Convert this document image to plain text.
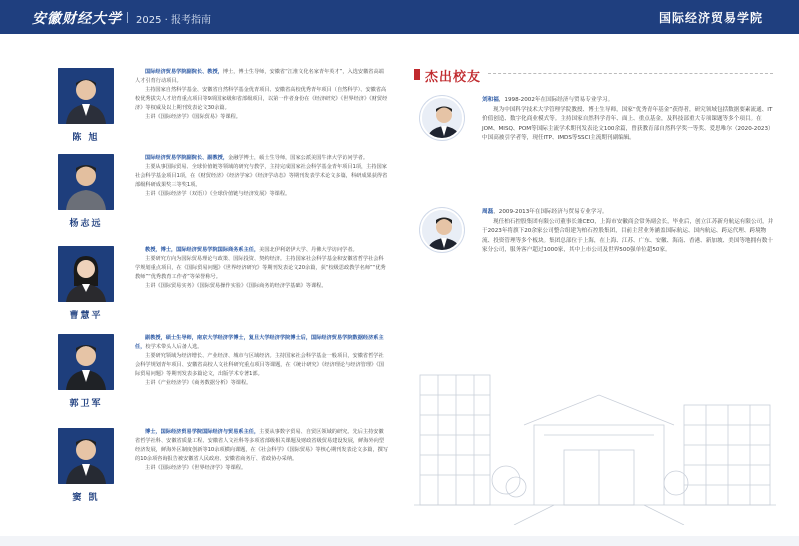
安徽财经大学 2025 · 报考指南	国际经济贸易学院
陈 旭

国际经济贸易学院副院长、教授，博士，博士生导师，安徽省“江淮文化名家青年英才”，入选安徽省高端人才引育行动项目。

主持国家自然科学基金、安徽省自然科学基金优青项目、安徽省高校优秀青年项目（自然科学）、安徽省高校优秀拔尖人才培育重点项目等9项国家级和省部级项目，以第一作者身份在《经济研究》《世界经济》《财贸经济》等权威及以上期刊发表论文30余篇。

主讲《国际经济学》《国际贸易》等课程。

杨志远

国际经济贸易学院副院长、副教授，金融学博士，硕士生导师，国家公派美国牛津大学访问学者。

主要从事国际贸易、全球价值链等领域的研究与教学，主持完成国家社会科学基金青年项目1项，主持国家社会科学基金项目1项，在《财贸经济》《经济学家》《经济学动态》等期刊发表学术论文多篇，科研成果获得省部级科研成果奖三等奖1项。

主讲《国际经济学（双语）》《全球价值链与经济发展》等课程。

曹慧平

教授，博士，国际经济贸易学院国际商务系主任，美国北伊利诺伊大学、丹佛大学访问学者。

主要研究方向为国际贸易理论与政策、国际投资、契约经济。主持国家社会科学基金和安徽省哲学社会科学规划重点项目，在《国际贸易问题》《世界经济研究》等期刊发表论文20余篇，获“校级思政教学名师”“优秀教师”“优秀教育工作者”等荣誉称号。

主讲《国际贸易实务》《国际贸易操作实验》《国际商务的经济学基础》等课程。

郭卫军

副教授，硕士生导师，南京大学经济学博士，复旦大学经济学院博士后，国际经济贸易学院数据经济系主任，校学术带头人后备人选。

主要研究领域为经济增长、产业经济、城市与区域经济。主持国家社会科学基金一般项目，安徽省哲学社会科学规划青年项目、安徽省高校人文社科研究重点项目等课题，在《统计研究》《经济理论与经济管理》《国际贸易问题》等期刊发表多篇论文，出版学术专著1部。

主讲《产业经济学》《商务数据分析》等课程。

窦 凯

博士，国际经济贸易学院国际经济与贸易系主任，主要从事数字贸易、自贸区领域的研究。先后主持安徽省哲学社科、安徽省质量工程、安徽省人文社科等多项省部级相关课题及财政省级贸易建设发展，鲜海外向型经济发展，鲜海外区制度创新等10余项横向课题，在《社会科学》《国际贸易》等核心期刊发表论文多篇，撰写的10余项咨询报告被安徽省人民政府、安徽省商务厅、省政协办采纳。

主讲《国际经济学》《世界经济学》等课程。

杰出校友
刘和福，1998-2002年在国际经济与贸易专业学习。
现为中国科学技术大学管理学院教授、博士生导师，国家“优秀青年基金”获得者，研究领域包括数据要素流通、IT价值创造、数字化商业模式等。主持国家自然科学青年、面上、重点基金，及科技部重大专项课题等多个项目。在JOM、MISQ、POM等国际主流学术期刊发表论文100余篇，曾获教育部自然科学奖一等奖、爱思唯尔（2020-2023）中国高被引学者等，现任ITP、IMDS等SSCI主流期刊副编辑。
周磊，2009-2013年在国际经济与贸易专业学习。
现任柏石控股集团有限公司董事长兼CEO，上海市安徽商会常务副会长，毕业后，创立江苏新舟航运有限公司，并于2023年将旗下20余家公司整合组建为柏石控股集团，目前主营业务涵盖国际航运、国内航运、跨运代理、跨境物流、投资管理等多个板块。集团总部位于上海，在上海、江苏、广东、安徽、海南、香港、新加坡、美国等地拥有数十家分公司，服务客户超过1000家，其中上市公司及世界500强单位超50家。
